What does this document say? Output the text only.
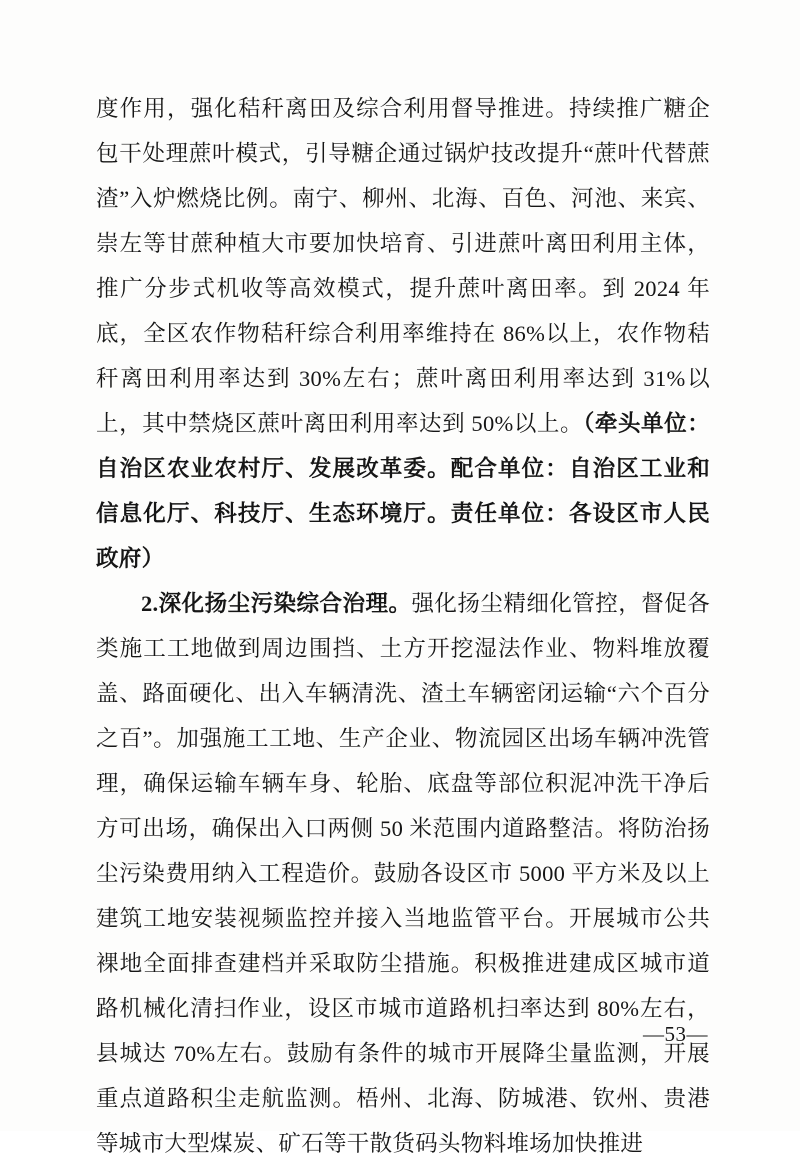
度作用，强化秸秆离田及综合利用督导推进。持续推广糖企包干处理蔗叶模式，引导糖企通过锅炉技改提升“蔗叶代替蔗渣”入炉燃烧比例。南宁、柳州、北海、百色、河池、来宾、崇左等甘蔗种植大市要加快培育、引进蔗叶离田利用主体，推广分步式机收等高效模式，提升蔗叶离田率。到 2024 年底，全区农作物秸秆综合利用率维持在 86%以上，农作物秸秆离田利用率达到 30%左右；蔗叶离田利用率达到 31%以上，其中禁烧区蔗叶离田利用率达到 50%以上。（牵头单位：自治区农业农村厅、发展改革委。配合单位：自治区工业和信息化厅、科技厅、生态环境厅。责任单位：各设区市人民政府）

2.深化扬尘污染综合治理。强化扬尘精细化管控，督促各类施工工地做到周边围挡、土方开挖湿法作业、物料堆放覆盖、路面硬化、出入车辆清洗、渣土车辆密闭运输“六个百分之百”。加强施工工地、生产企业、物流园区出场车辆冲洗管理，确保运输车辆车身、轮胎、底盘等部位积泥冲洗干净后方可出场，确保出入口两侧 50 米范围内道路整洁。将防治扬尘污染费用纳入工程造价。鼓励各设区市 5000 平方米及以上建筑工地安装视频监控并接入当地监管平台。开展城市公共裸地全面排查建档并采取防尘措施。积极推进建成区城市道路机械化清扫作业，设区市城市道路机扫率达到 80%左右，县城达 70%左右。鼓励有条件的城市开展降尘量监测，开展重点道路积尘走航监测。梧州、北海、防城港、钦州、贵港等城市大型煤炭、矿石等干散货码头物料堆场加快推进

—53—
